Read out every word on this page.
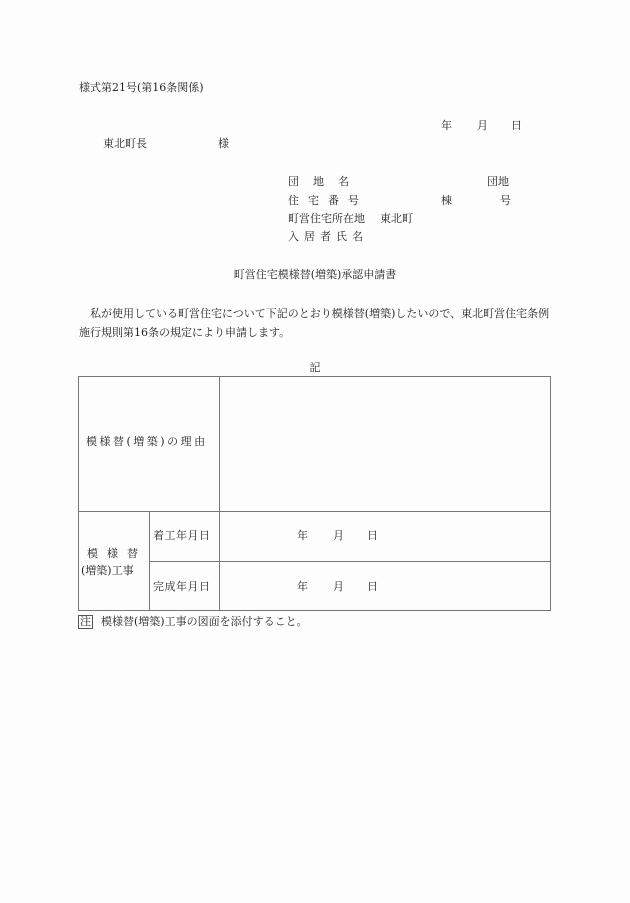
様式第21号(第16条関係)
年 月 日
東北町長	様
団地名	団地
住宅番号	棟	号
町営住宅所在地 東北町
入居者氏名
町営住宅模様替(増築)承認申請書
私が使用している町営住宅について下記のとおり模様替(増築)したいので、東北町営住宅条例施行規則第16条の規定により申請します。
記
模様替(増築)の理由
模様替
(増築)工事
着工年月日	年 月 日
完成年月日	年 月 日
注 模様替(増築)工事の図面を添付すること。
